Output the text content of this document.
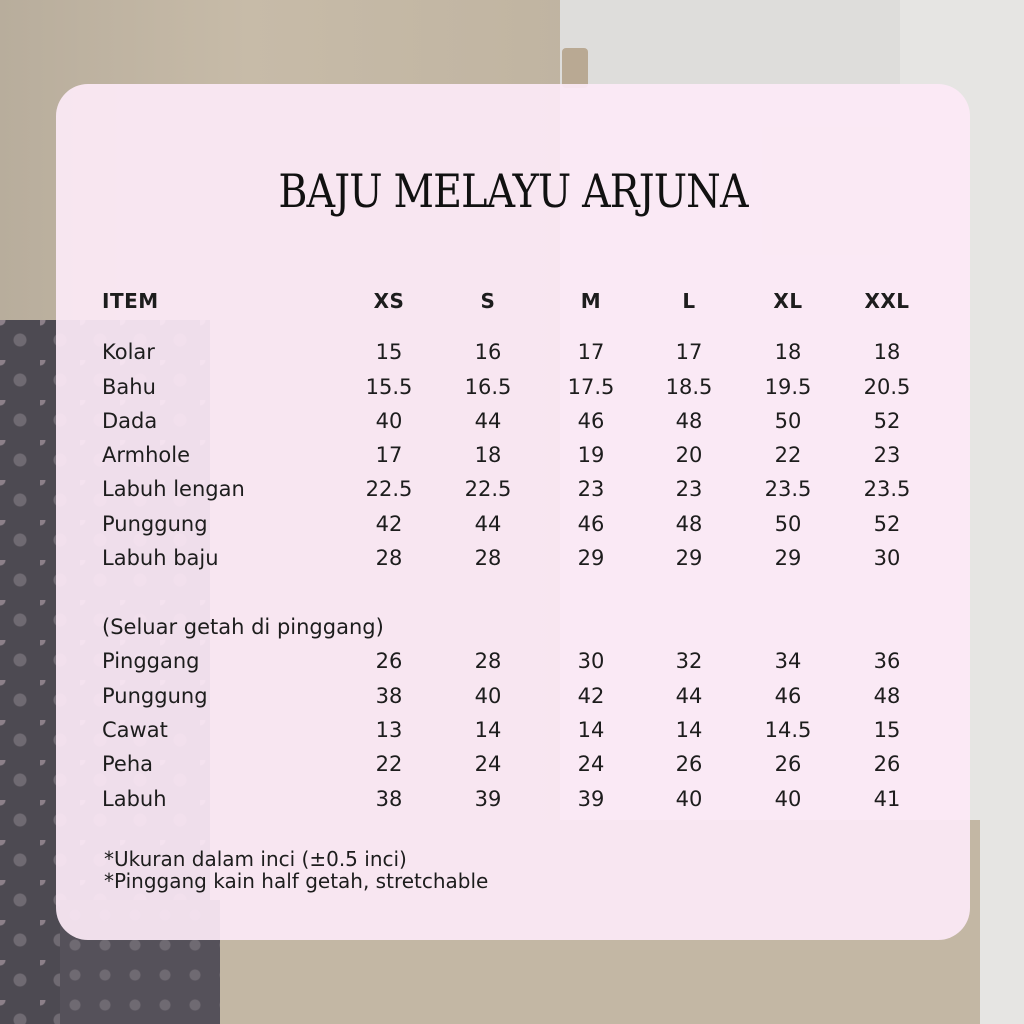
BAJU MELAYU ARJUNA
ITEM	XS	S	M	L	XL	XXL
Kolar	15	16	17	17	18	18
Bahu	15.5	16.5	17.5	18.5	19.5	20.5
Dada	40	44	46	48	50	52
Armhole	17	18	19	20	22	23
Labuh lengan	22.5	22.5	23	23	23.5	23.5
Punggung	42	44	46	48	50	52
Labuh baju	28	28	29	29	29	30
(Seluar getah di pinggang)
Pinggang	26	28	30	32	34	36
Punggung	38	40	42	44	46	48
Cawat	13	14	14	14	14.5	15
Peha	22	24	24	26	26	26
Labuh	38	39	39	40	40	41
*Ukuran dalam inci (±0.5 inci)
*Pinggang kain half getah, stretchable
